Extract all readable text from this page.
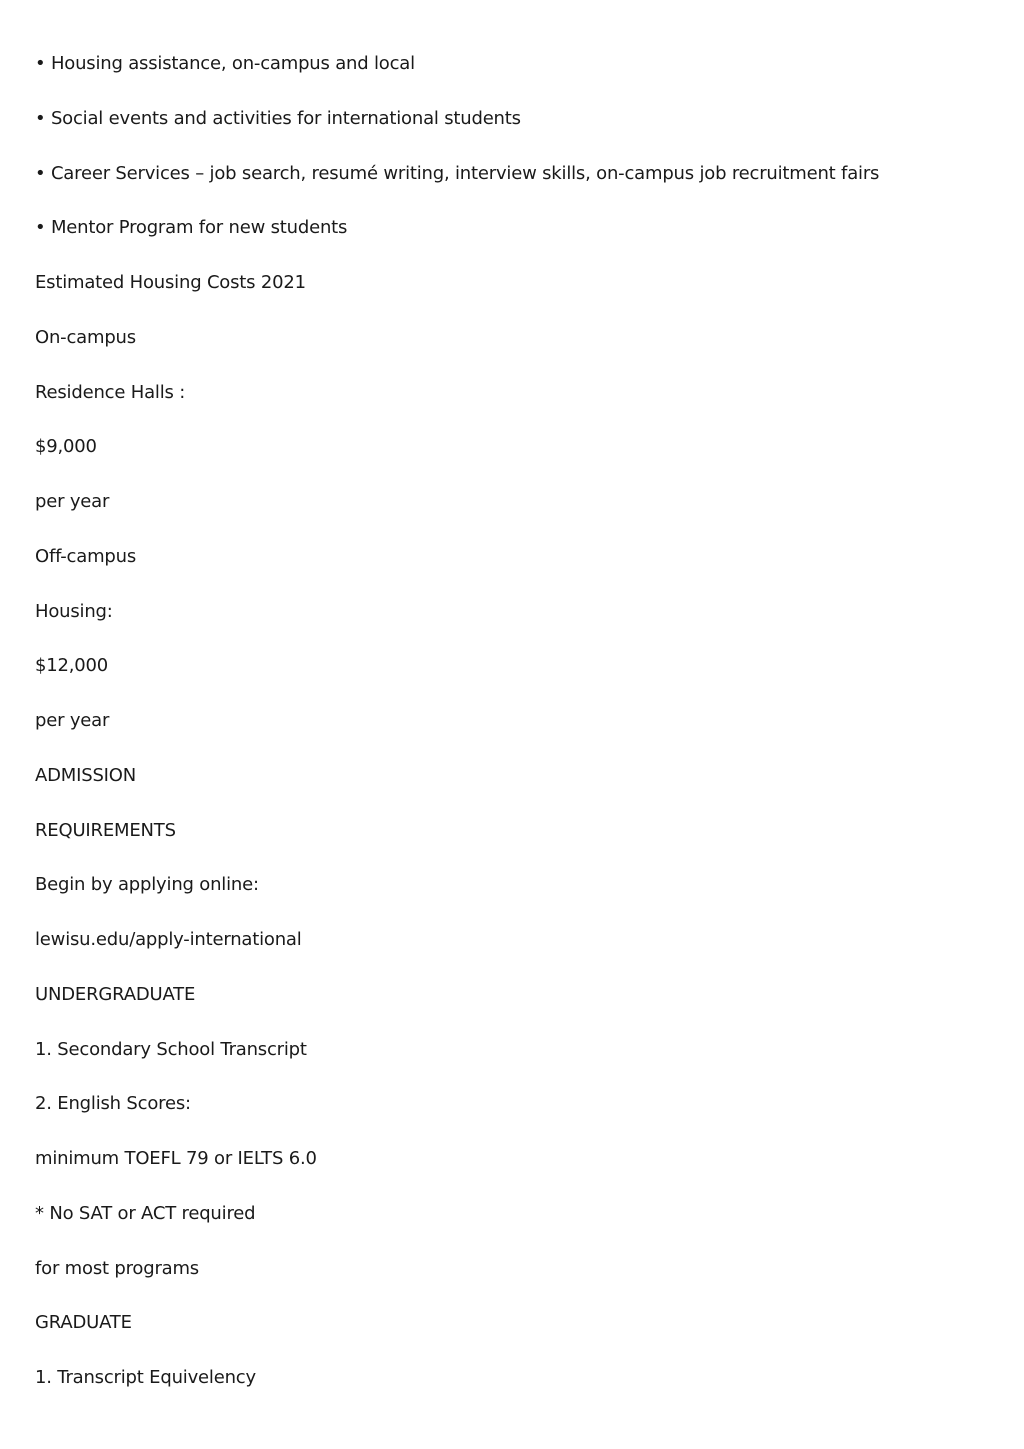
• Housing assistance, on-campus and local
• Social events and activities for international students
• Career Services – job search, resumé writing, interview skills, on-campus job recruitment fairs
• Mentor Program for new students
Estimated Housing Costs 2021
On-campus
Residence Halls :
$9,000
per year
Off-campus
Housing:
$12,000
per year
ADMISSION
REQUIREMENTS
Begin by applying online:
lewisu.edu/apply-international
UNDERGRADUATE
1. Secondary School Transcript
2. English Scores:
minimum TOEFL 79 or IELTS 6.0
* No SAT or ACT required
for most programs
GRADUATE
1. Transcript Equivelency
